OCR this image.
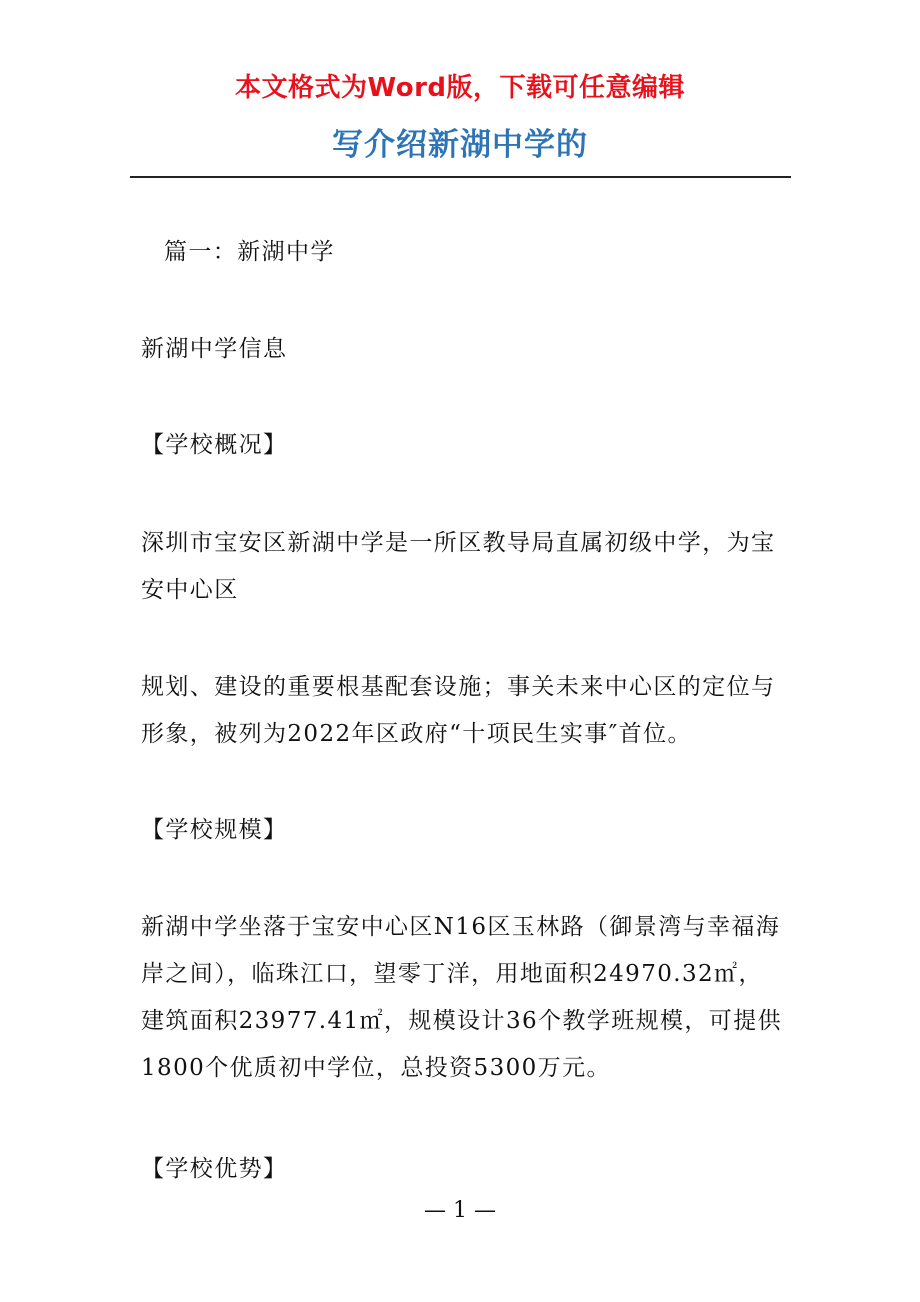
本文格式为Word版，下载可任意编辑
写介绍新湖中学的

篇一：新湖中学

新湖中学信息

【学校概况】

深圳市宝安区新湖中学是一所区教导局直属初级中学，为宝安中心区

规划、建设的重要根基配套设施；事关未来中心区的定位与形象，被列为2022年区政府“十项民生实事″首位。

【学校规模】

新湖中学坐落于宝安中心区N16区玉林路（御景湾与幸福海岸之间），临珠江口，望零丁洋，用地面积24970.32㎡，建筑面积23977.41㎡，规模设计36个教学班规模，可提供1800个优质初中学位，总投资5300万元。

【学校优势】

— 1 —
